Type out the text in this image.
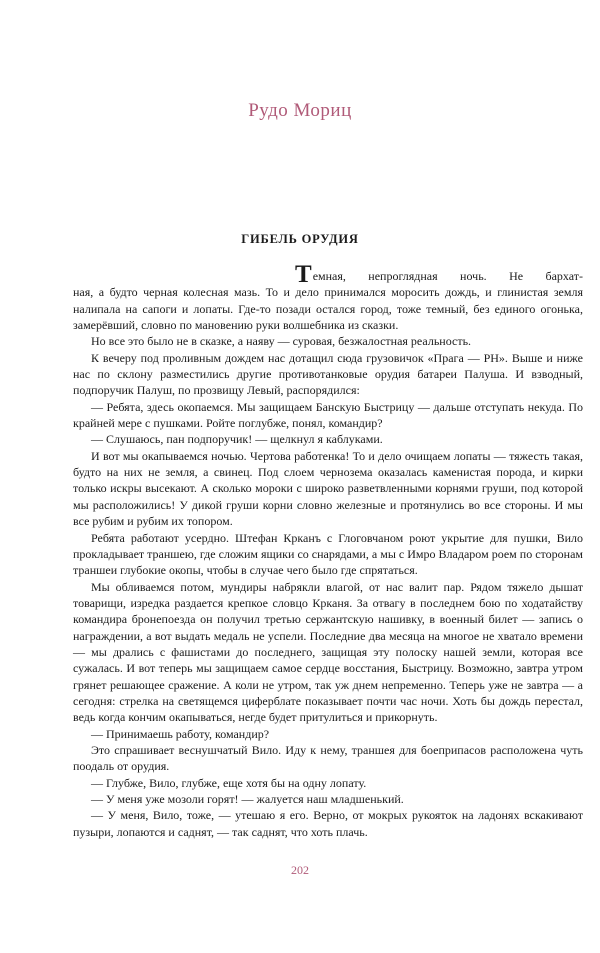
Рудо Мориц
ГИБЕЛЬ ОРУДИЯ
Темная, непроглядная ночь. Не бархат-

ная, а будто черная колесная мазь. То и дело принимался моросить дождь, и глинистая земля налипала на сапоги и лопаты. Где-то позади остался город, тоже темный, без единого огонька, замерёвший, словно по мановению руки волшебника из сказки.

Но все это было не в сказке, а наяву — суровая, безжалостная реальность.

К вечеру под проливным дождем нас дотащил сюда грузовичок «Прага — РН». Выше и ниже нас по склону разместились другие противотанковые орудия батареи Палуша. И взводный, подпоручик Палуш, по прозвищу Левый, распорядился:

— Ребята, здесь окопаемся. Мы защищаем Банскую Быстрицу — дальше отступать некуда. По крайней мере с пушками. Ройте поглубже, понял, командир?

— Слушаюсь, пан подпоручик! — щелкнул я каблуками.

И вот мы окапываемся ночью. Чертова работенка! То и дело очищаем лопаты — тяжесть такая, будто на них не земля, а свинец. Под слоем чернозема оказалась каменистая порода, и кирки только искры высекают. А сколько мороки с широко разветвленными корнями груши, под которой мы расположились! У дикой груши корни словно железные и протянулись во все стороны. И мы все рубим и рубим их топором.

Ребята работают усердно. Штефан Крканъ с Глоговчаном роют укрытие для пушки, Вило прокладывает траншею, где сложим ящики со снарядами, а мы с Имро Владаром роем по сторонам траншеи глубокие окопы, чтобы в случае чего было где спрятаться.

Мы обливаемся потом, мундиры набрякли влагой, от нас валит пар. Рядом тяжело дышат товарищи, изредка раздается крепкое словцо Крканя. За отвагу в последнем бою по ходатайству командира бронепоезда он получил третью сержантскую нашивку, в военный билет — запись о награждении, а вот выдать медаль не успели. Последние два месяца на многое не хватало времени — мы дрались с фашистами до последнего, защищая эту полоску нашей земли, которая все сужалась. И вот теперь мы защищаем самое сердце восстания, Быстрицу. Возможно, завтра утром грянет решающее сражение. А коли не утром, так уж днем непременно. Теперь уже не завтра — а сегодня: стрелка на светящемся циферблате показывает почти час ночи. Хоть бы дождь перестал, ведь когда кончим окапываться, негде будет притулиться и прикорнуть.

— Принимаешь работу, командир?

Это спрашивает веснушчатый Вило. Иду к нему, траншея для боеприпасов расположена чуть поодаль от орудия.

— Глубже, Вило, глубже, еще хотя бы на одну лопату.

— У меня уже мозоли горят! — жалуется наш младшенький.

— У меня, Вило, тоже, — утешаю я его. Верно, от мокрых рукояток на ладонях вскакивают пузыри, лопаются и саднят, — так саднят, что хоть плачь.

202
